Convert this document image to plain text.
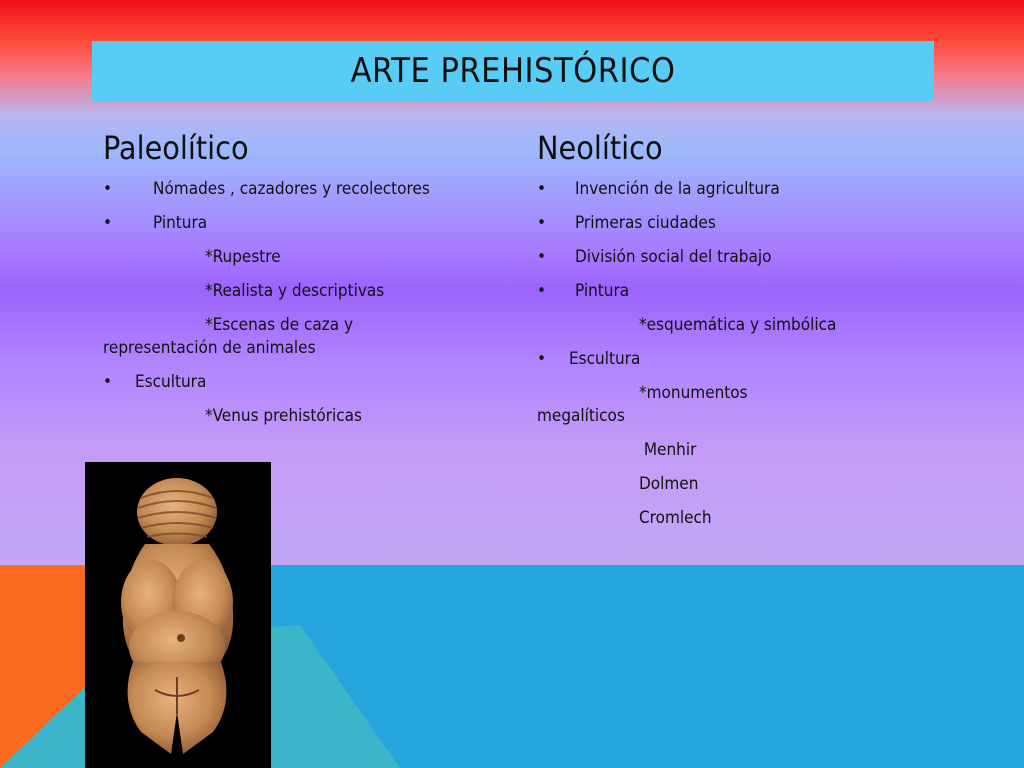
ARTE PREHISTÓRICO
Paleolítico
• Nómades , cazadores y recolectores
• Pintura
*Rupestre
*Realista y descriptivas
*Escenas de caza y representación de animales
• Escultura
*Venus prehistóricas
Neolítico
• Invención de la agricultura
• Primeras ciudades
• División social del trabajo
• Pintura
*esquemática y simbólica
• Escultura
*monumentos megalíticos
Menhir
Dolmen
Cromlech
